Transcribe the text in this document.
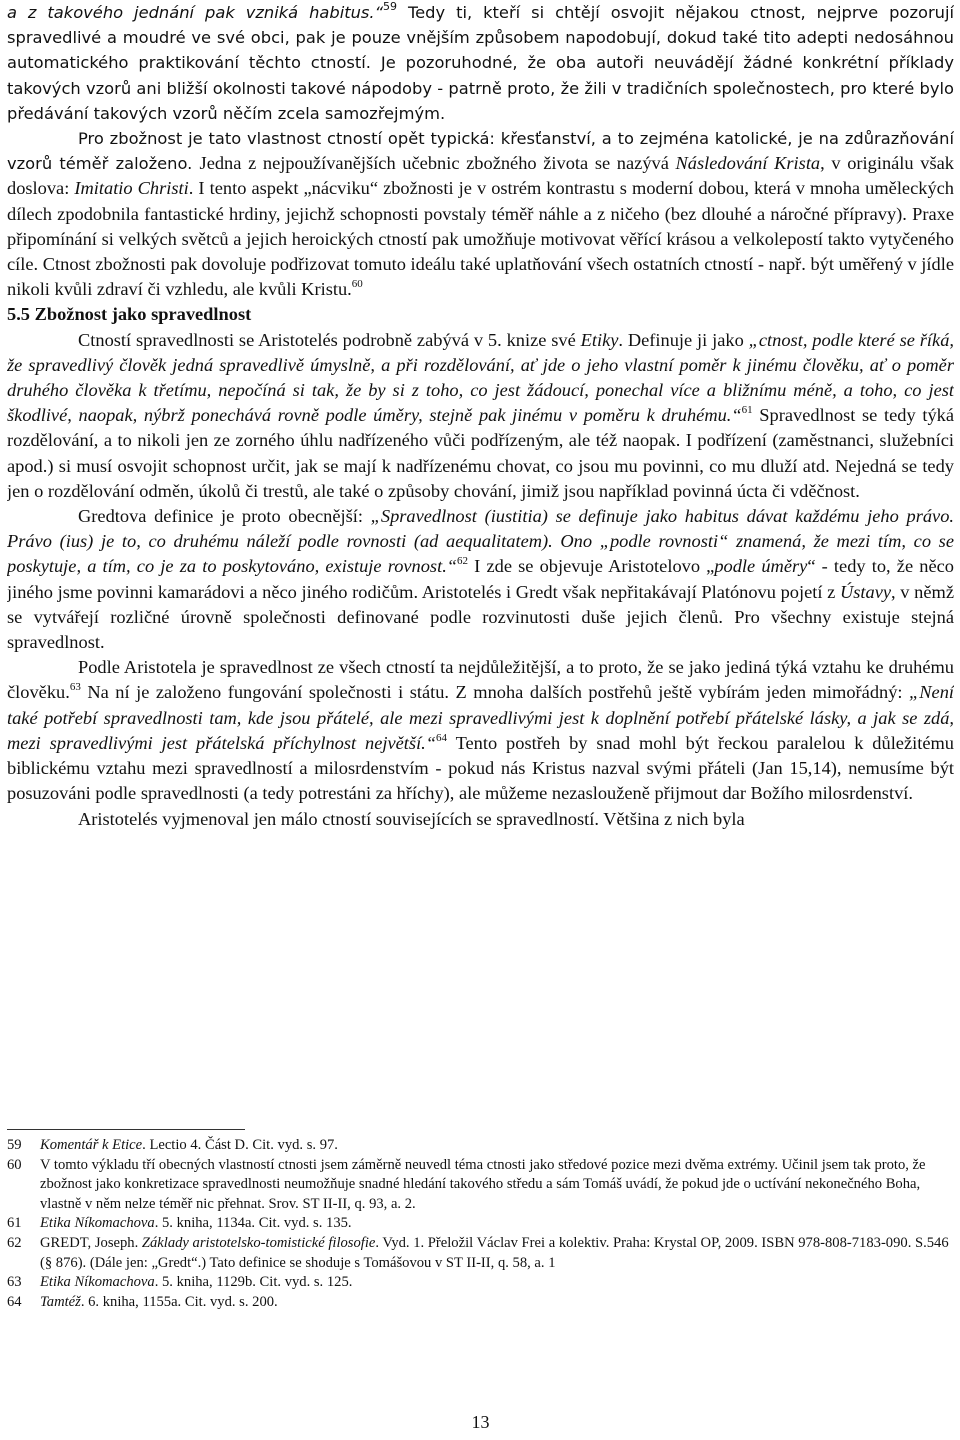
a z takového jednání pak vzniká habitus.“$^{59}$ Tedy ti, kteří si chtějí osvojit nějakou ctnost, nejprve pozorují spravedlivé a moudré ve své obci, pak je pouze vnějším způsobem napodobují, dokud také tito adepti nedosáhnou automatického praktikování těchto ctností. Je pozoruhodné, že oba autoři neuvádějí žádné konkrétní příklady takových vzorů ani bližší okolnosti takové nápodoby - patrně proto, že žili v tradičních společnostech, pro které bylo předávání takových vzorů něčím zcela samozřejmým.

Pro zbožnost je tato vlastnost ctností opět typická: křesťanství, a to zejména katolické, je na zdůrazňování vzorů téměř založeno. Jedna z nejpoužívanějších učebnic zbožného života se nazývá Následování Krista, v originálu však doslova: Imitatio Christi. I tento aspekt „nácviku“ zbožnosti je v ostrém kontrastu s moderní dobou, která v mnoha uměleckých dílech zpodobnila fantastické hrdiny, jejichž schopnosti povstaly téměř náhle a z ničeho (bez dlouhé a náročné přípravy). Praxe připomínání si velkých světců a jejich heroických ctností pak umožňuje motivovat věřící krásou a velkolepostí takto vytyčeného cíle. Ctnost zbožnosti pak dovoluje podřizovat tomuto ideálu také uplatňování všech ostatních ctností - např. být uměřený v jídle nikoli kvůli zdraví či vzhledu, ale kvůli Kristu.$^{60}$

5.5 Zbožnost jako spravedlnost

Ctností spravedlnosti se Aristotelés podrobně zabývá v 5. knize své Etiky. Definuje ji jako „ctnost, podle které se říká, že spravedlivý člověk jedná spravedlivě úmyslně, a při rozdělování, ať jde o jeho vlastní poměr k jinému člověku, ať o poměr druhého člověka k třetímu, nepočíná si tak, že by si z toho, co jest žádoucí, ponechal více a bližnímu méně, a toho, co jest škodlivé, naopak, nýbrž ponechává rovně podle úměry, stejně pak jinému v poměru k druhému.“$^{61}$ Spravedlnost se tedy týká rozdělování, a to nikoli jen ze zorného úhlu nadřízeného vůči podřízeným, ale též naopak. I podřízení (zaměstnanci, služebníci apod.) si musí osvojit schopnost určit, jak se mají k nadřízenému chovat, co jsou mu povinni, co mu dluží atd. Nejedná se tedy jen o rozdělování odměn, úkolů či trestů, ale také o způsoby chování, jimiž jsou například povinná úcta či vděčnost.

Gredtova definice je proto obecnější: „Spravedlnost (iustitia) se definuje jako habitus dávat každému jeho právo. Právo (ius) je to, co druhému náleží podle rovnosti (ad aequalitatem). Ono „podle rovnosti“ znamená, že mezi tím, co se poskytuje, a tím, co je za to poskytováno, existuje rovnost.“$^{62}$ I zde se objevuje Aristotelovo „podle úměry“ - tedy to, že něco jiného jsme povinni kamarádovi a něco jiného rodičům. Aristotelés i Gredt však nepřitakávají Platónovu pojetí z Ústavy, v němž se vytvářejí rozličné úrovně společnosti definované podle rozvinutosti duše jejich členů. Pro všechny existuje stejná spravedlnost.

Podle Aristotela je spravedlnost ze všech ctností ta nejdůležitější, a to proto, že se jako jediná týká vztahu ke druhému člověku.$^{63}$ Na ní je založeno fungování společnosti i státu. Z mnoha dalších postřehů ještě vybírám jeden mimořádný: „Není také potřebí spravedlnosti tam, kde jsou přátelé, ale mezi spravedlivými jest k doplnění potřebí přátelské lásky, a jak se zdá, mezi spravedlivými jest přátelská příchylnost největší.“$^{64}$ Tento postřeh by snad mohl být řeckou paralelou k důležitému biblickému vztahu mezi spravedlností a milosrdenstvím - pokud nás Kristus nazval svými přáteli (Jan 15,14), nemusíme být posuzováni podle spravedlnosti (a tedy potrestáni za hříchy), ale můžeme nezaslouženě přijmout dar Božího milosrdenství.

Aristotelés vyjmenoval jen málo ctností souvisejících se spravedlností. Většina z nich byla

59	Komentář k Etice. Lectio 4. Část D. Cit. vyd. s. 97.
60	V tomto výkladu tří obecných vlastností ctnosti jsem záměrně neuvedl téma ctnosti jako středové pozice mezi dvěma extrémy. Učinil jsem tak proto, že zbožnost jako konkretizace spravedlnosti neumožňuje snadné hledání takového středu a sám Tomáš uvádí, že pokud jde o uctívání nekonečného Boha, vlastně v něm nelze téměř nic přehnat. Srov. ST II-II, q. 93, a. 2.
61	Etika Níkomachova. 5. kniha, 1134a. Cit. vyd. s. 135.
62	GREDT, Joseph. Základy aristotelsko-tomistické filosofie. Vyd. 1. Přeložil Václav Frei a kolektiv. Praha: Krystal OP, 2009. ISBN 978-808-7183-090. S.546 (§ 876). (Dále jen: „Gredt“.) Tato definice se shoduje s Tomášovou v ST II-II, q. 58, a. 1
63	Etika Níkomachova. 5. kniha, 1129b. Cit. vyd. s. 125.
64	Tamtéž. 6. kniha, 1155a. Cit. vyd. s. 200.
13
